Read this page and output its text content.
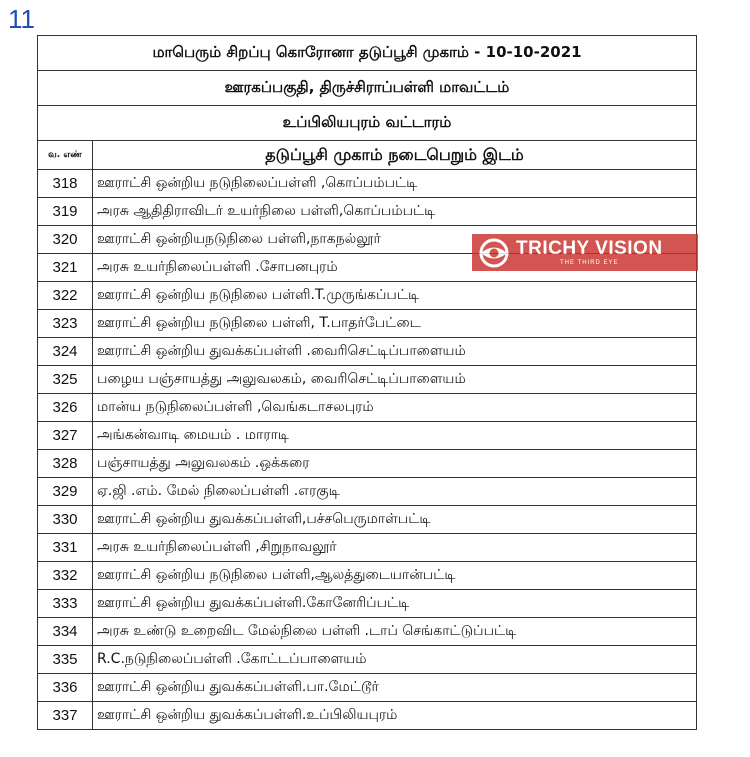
11
மாபெரும் சிறப்பு கொரோனா தடுப்பூசி முகாம் - 10-10-2021	
ஊரகப்பகுதி, திருச்சிராப்பள்ளி மாவட்டம்	
உப்பிலியபுரம் வட்டாரம்	
வ. எண்	தடுப்பூசி முகாம் நடைபெறும் இடம்
318	ஊராட்சி ஒன்றிய நடுநிலைப்பள்ளி ,கொப்பம்பட்டி
319	அரசு ஆதிதிராவிடர் உயர்நிலை பள்ளி,கொப்பம்பட்டி
320	ஊராட்சி ஒன்றியநடுநிலை பள்ளி,நாகநல்லூர்
321	அரசு உயர்நிலைப்பள்ளி .சோபனபுரம்
322	ஊராட்சி ஒன்றிய நடுநிலை பள்ளி.T.முருங்கப்பட்டி
323	ஊராட்சி ஒன்றிய நடுநிலை பள்ளி, T.பாதர்பேட்டை
324	ஊராட்சி ஒன்றிய துவக்கப்பள்ளி .வைரிசெட்டிப்பாளையம்
325	பழைய பஞ்சாயத்து அலுவலகம், வைரிசெட்டிப்பாளையம்
326	மான்ய நடுநிலைப்பள்ளி ,வெங்கடாசலபுரம்
327	அங்கன்வாடி மையம் . மாராடி
328	பஞ்சாயத்து அலுவலகம் .ஒக்கரை
329	ஏ.ஜி .எம். மேல் நிலைப்பள்ளி .எரகுடி
330	ஊராட்சி ஒன்றிய துவக்கப்பள்ளி,பச்சபெருமாள்பட்டி
331	அரசு உயர்நிலைப்பள்ளி ,சிறுநாவலூர்
332	ஊராட்சி ஒன்றிய நடுநிலை பள்ளி,ஆலத்துடையான்பட்டி
333	ஊராட்சி ஒன்றிய துவக்கப்பள்ளி.கோனேரிப்பட்டி
334	அரசு உண்டு உறைவிட மேல்நிலை பள்ளி .டாப் செங்காட்டுப்பட்டி
335	R.C.நடுநிலைப்பள்ளி .கோட்டப்பாளையம்
336	ஊராட்சி ஒன்றிய துவக்கப்பள்ளி.பா.மேட்டூர்
337	ஊராட்சி ஒன்றிய துவக்கப்பள்ளி.உப்பிலியபுரம்
TRICHY VISION
THE THIRD EYE
